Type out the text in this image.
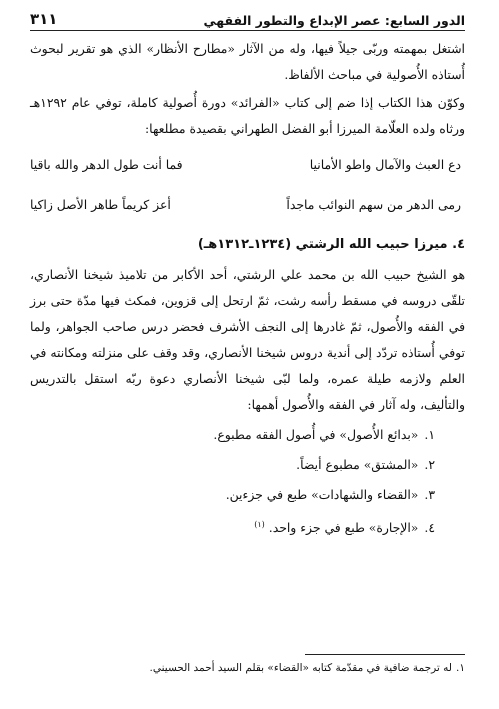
الدور السابع: عصر الإبداع والتطور الفقهي
٣١١

اشتغل بمهمته وربّى جيلاً فيها، وله من الآثار «مطارح الأنظار» الذي هو تقرير لبحوث أُستاذه الأُصولية في مباحث الألفاظ.

وكوّن هذا الكتاب إذا ضم إلى كتاب «الفرائد» دورة أُصولية كاملة، توفي عام ١٢٩٢هـ ورثاه ولده العلّامة الميرزا أبو الفضل الطهراني بقصيدة مطلعها:

دع العبث والآمال واطو الأمانيا
فما أنت طول الدهر والله باقيا
رمى الدهر من سهم النوائب ماجداً
أعز كريماً طاهر الأصل زاكيا
٤. ميرزا حبيب الله الرشتي (١٢٣٤ـ١٣١٢هـ)

هو الشيخ حبيب الله بن محمد علي الرشتي، أحد الأكابر من تلاميذ شيخنا الأنصاري، تلقّى دروسه في مسقط رأسه رشت، ثمّ ارتحل إلى قزوين، فمكث فيها مدّة حتى برز في الفقه والأُصول، ثمّ غادرها إلى النجف الأشرف فحضر درس صاحب الجواهر، ولما توفي أُستاذه تردّد إلى أندية دروس شيخنا الأنصاري، وقد وقف على منزلته ومكانته في العلم ولازمه طيلة عمره، ولما لبّى شيخنا الأنصاري دعوة ربّه استقل بالتدريس والتأليف، وله آثار في الفقه والأُصول أهمها:

١.«بدائع الأُصول» في أُصول الفقه مطبوع.
٢.«المشتق» مطبوع أيضاً.
٣.«القضاء والشهادات» طبع في جزءين.
٤.«الإجارة» طبع في جزء واحد.$^{(١)}$
١.له ترجمة ضافية في مقدّمة كتابه «القضاء» بقلم السيد أحمد الحسيني.
